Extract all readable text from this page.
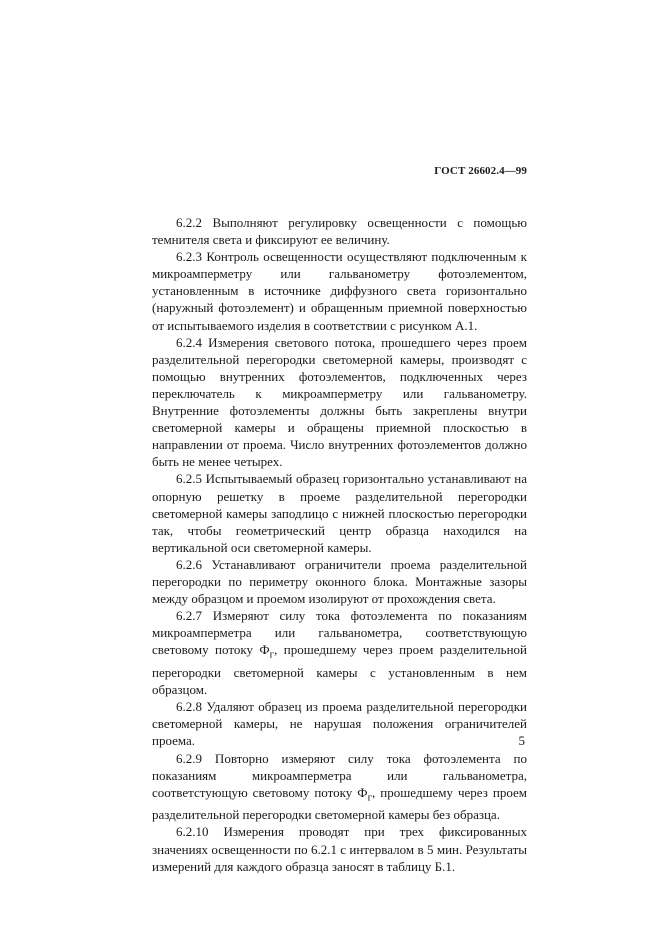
ГОСТ 26602.4—99

6.2.2 Выполняют регулировку освещенности с помощью темнителя света и фиксируют ее величину.

6.2.3 Контроль освещенности осуществляют подключенным к микроамперметру или гальванометру фотоэлементом, установленным в источнике диффузного света горизонтально (наружный фотоэлемент) и обращенным приемной поверхностью от испытываемого изделия в соответствии с рисунком А.1.

6.2.4 Измерения светового потока, прошедшего через проем разделительной перегородки светомерной камеры, производят с помощью внутренних фотоэлементов, подключенных через переключатель к микроамперметру или гальванометру. Внутренние фотоэлементы должны быть закреплены внутри светомерной камеры и обращены приемной плоскостью в направлении от проема. Число внутренних фотоэлементов должно быть не менее четырех.

6.2.5 Испытываемый образец горизонтально устанавливают на опорную решетку в проеме разделительной перегородки светомерной камеры заподлицо с нижней плоскостью перегородки так, чтобы геометрический центр образца находился на вертикальной оси светомерной камеры.

6.2.6 Устанавливают ограничители проема разделительной перегородки по периметру оконного блока. Монтажные зазоры между образцом и проемом изолируют от прохождения света.

6.2.7 Измеряют силу тока фотоэлемента по показаниям микроамперметра или гальванометра, соответствующую световому потоку $Ф_г$, прошедшему через проем разделительной перегородки светомерной камеры с установленным в нем образцом.

6.2.8 Удаляют образец из проема разделительной перегородки светомерной камеры, не нарушая положения ограничителей проема.

6.2.9 Повторно измеряют силу тока фотоэлемента по показаниям микроамперметра или гальванометра, соответстующую световому потоку $Ф_г$, прошедшему через проем разделительной перегородки светомерной камеры без образца.

6.2.10 Измерения проводят при трех фиксированных значениях освещенности по 6.2.1 с интервалом в 5 мин. Результаты измерений для каждого образца заносят в таблицу Б.1.

5
